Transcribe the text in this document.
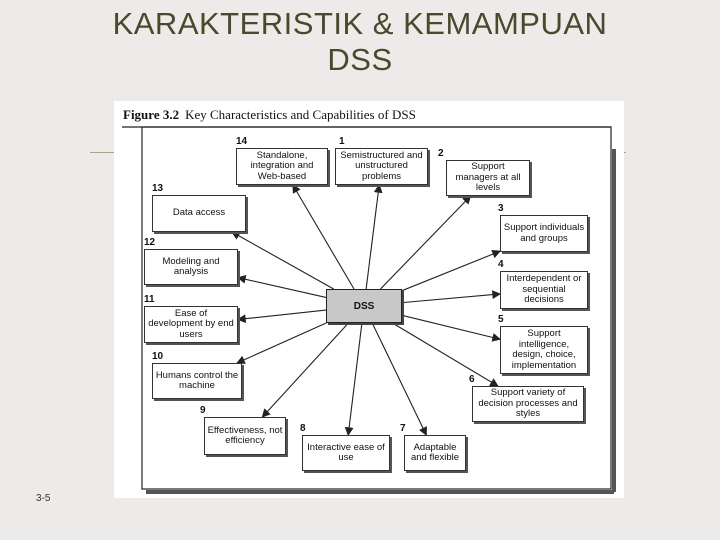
KARAKTERISTIK & KEMAMPUAN
DSS
Figure 3.2 Key Characteristics and Capabilities of DSS
DSS
1
Semistructured and unstructured problems
2
Support managers at all levels
3
Support individuals and groups
4
Interdependent or sequential decisions
5
Support intelligence, design, choice, implementation
6
Support variety of decision processes and styles
7
Adaptable and flexible
8
Interactive ease of use
9
Effectiveness, not efficiency
10
Humans control the machine
11
Ease of development by end users
12
Modeling and analysis
13
Data access
14
Standalone, integration and Web-based
3-5
